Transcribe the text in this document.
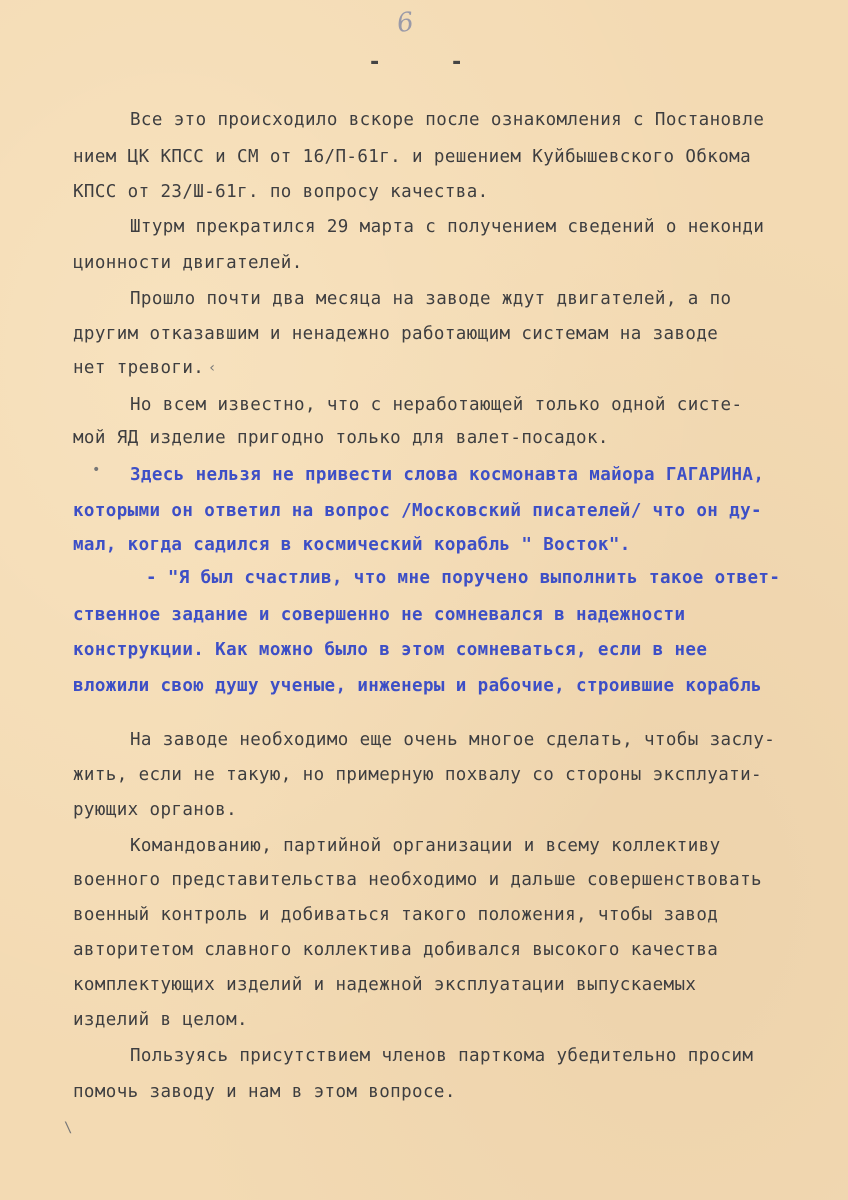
6
-	-
Все это происходило вскоре после ознакомления с Постановле
нием ЦК КПСС и СМ от 16/П-61г. и решением Куйбышевского Обкома
КПСС от 23/Ш-61г. по вопросу качества.
Штурм прекратился 29 марта с получением сведений о неконди
ционности двигателей.
Прошло почти два месяца на заводе ждут двигателей, а по
другим отказавшим и ненадежно работающим системам на заводе
нет тревоги. ‹
Но всем известно, что с неработающей только одной систе-
мой ЯД изделие пригодно только для валет-посадок.
• Здесь нельзя не привести слова космонавта майора ГАГАРИНА,
которыми он ответил на вопрос /Московский писателей/ что он ду-
мал, когда садился в космический корабль " Восток".
- "Я был счастлив, что мне поручено выполнить такое ответ-
ственное задание и совершенно не сомневался в надежности
конструкции. Как можно было в этом сомневаться, если в нее
вложили свою душу ученые, инженеры и рабочие, строившие корабль
На заводе необходимо еще очень многое сделать, чтобы заслу-
жить, если не такую, но примерную похвалу со стороны эксплуати-
рующих органов.
Командованию, партийной организации и всему коллективу
военного представительства необходимо и дальше совершенствовать
военный контроль и добиваться такого положения, чтобы завод
авторитетом славного коллектива добивался высокого качества
комплектующих изделий и надежной эксплуатации выпускаемых
изделий в целом.
Пользуясь присутствием членов парткома убедительно просим
помочь заводу и нам в этом вопросе.
\
